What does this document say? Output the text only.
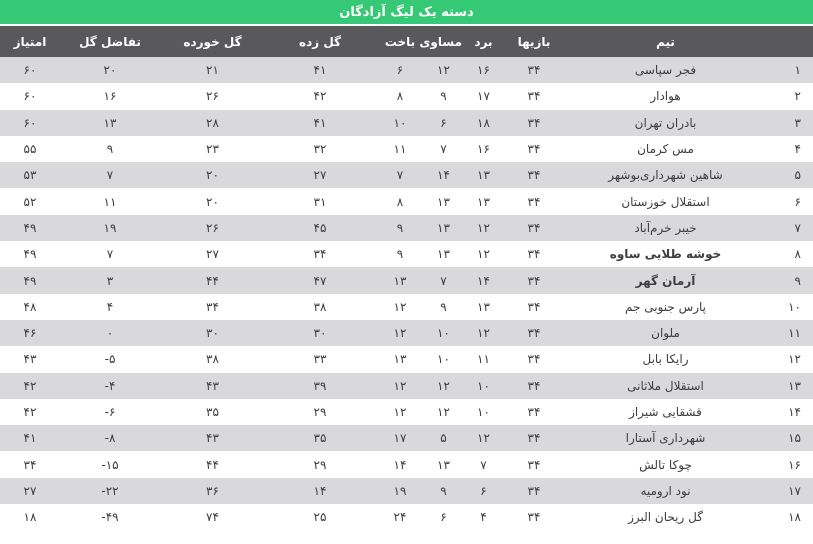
دسته یک لیگ آزادگان
	تیم	بازیها	برد	مساوی	باخت	گل زده	گل خورده	تفاضل گل	امتیاز
۱	فجر سپاسی	۳۴	۱۶	۱۲	۶	۴۱	۲۱	۲۰	۶۰
۲	هوادار	۳۴	۱۷	۹	۸	۴۲	۲۶	۱۶	۶۰
۳	بادران تهران	۳۴	۱۸	۶	۱۰	۴۱	۲۸	۱۳	۶۰
۴	مس کرمان	۳۴	۱۶	۷	۱۱	۳۲	۲۳	۹	۵۵
۵	شاهین شهرداری‌بوشهر	۳۴	۱۳	۱۴	۷	۲۷	۲۰	۷	۵۳
۶	استقلال خوزستان	۳۴	۱۳	۱۳	۸	۳۱	۲۰	۱۱	۵۲
۷	خیبر خرم‌آباد	۳۴	۱۲	۱۳	۹	۴۵	۲۶	۱۹	۴۹
۸	خوشه طلایی ساوه	۳۴	۱۲	۱۳	۹	۳۴	۲۷	۷	۴۹
۹	آرمان گهر	۳۴	۱۴	۷	۱۳	۴۷	۴۴	۳	۴۹
۱۰	پارس جنوبی جم	۳۴	۱۳	۹	۱۲	۳۸	۳۴	۴	۴۸
۱۱	ملوان	۳۴	۱۲	۱۰	۱۲	۳۰	۳۰	۰	۴۶
۱۲	رایکا بابل	۳۴	۱۱	۱۰	۱۳	۳۳	۳۸	-۵	۴۳
۱۳	استقلال ملاثانی	۳۴	۱۰	۱۲	۱۲	۳۹	۴۳	-۴	۴۲
۱۴	قشقایی شیراز	۳۴	۱۰	۱۲	۱۲	۲۹	۳۵	-۶	۴۲
۱۵	شهرداری آستارا	۳۴	۱۲	۵	۱۷	۳۵	۴۳	-۸	۴۱
۱۶	چوکا تالش	۳۴	۷	۱۳	۱۴	۲۹	۴۴	-۱۵	۳۴
۱۷	نود ارومیه	۳۴	۶	۹	۱۹	۱۴	۳۶	-۲۲	۲۷
۱۸	گل ریحان البرز	۳۴	۴	۶	۲۴	۲۵	۷۴	-۴۹	۱۸
